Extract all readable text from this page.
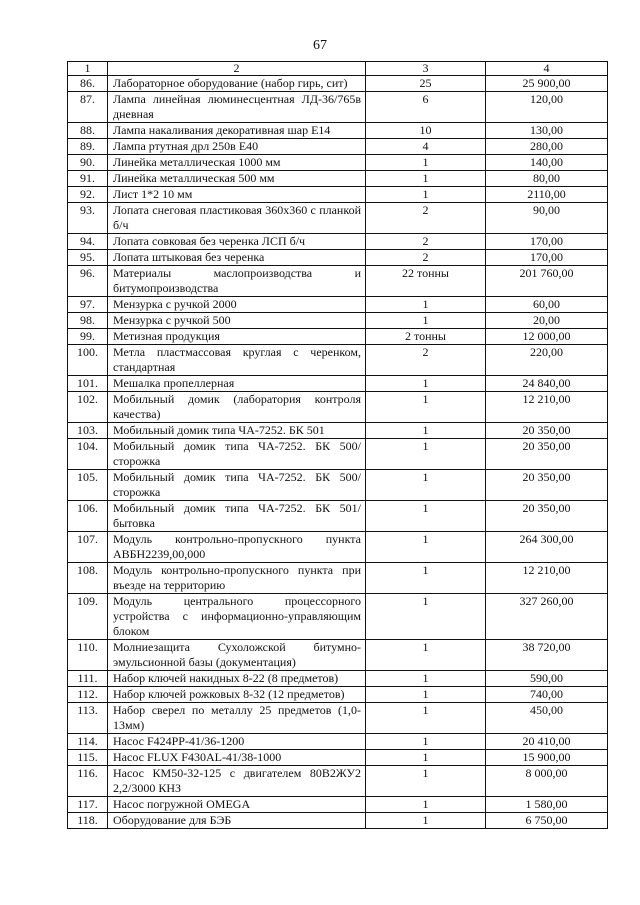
67
1	2	3	4
86.	Лабораторное оборудование (набор гирь, сит)	25	25 900,00
87.	Лампа линейная люминесцентная ЛД-36/765в дневная	6	120,00
88.	Лампа накаливания декоративная шар Е14	10	130,00
89.	Лампа ртутная дрл 250в Е40	4	280,00
90.	Линейка металлическая 1000 мм	1	140,00
91.	Линейка металлическая 500 мм	1	80,00
92.	Лист 1*2 10 мм	1	2110,00
93.	Лопата снеговая пластиковая 360х360 с планкой б/ч	2	90,00
94.	Лопата совковая без черенка ЛСП б/ч	2	170,00
95.	Лопата штыковая без черенка	2	170,00
96.	Материалы маслопроизводства и битумопроизводства	22 тонны	201 760,00
97.	Мензурка с ручкой 2000	1	60,00
98.	Мензурка с ручкой 500	1	20,00
99.	Метизная продукция	2 тонны	12 000,00
100.	Метла пластмассовая круглая с черенком, стандартная	2	220,00
101.	Мешалка пропеллерная	1	24 840,00
102.	Мобильный домик (лаборатория контроля качества)	1	12 210,00
103.	Мобильный домик типа ЧА-7252. БК 501	1	20 350,00
104.	Мобильный домик типа ЧА-7252. БК 500/сторожка	1	20 350,00
105.	Мобильный домик типа ЧА-7252. БК 500/сторожка	1	20 350,00
106.	Мобильный домик типа ЧА-7252. БК 501/бытовка	1	20 350,00
107.	Модуль контрольно-пропускного пункта АВБН2239,00,000	1	264 300,00
108.	Модуль контрольно-пропускного пункта при въезде на территорию	1	12 210,00
109.	Модуль центрального процессорного устройства с информационно-управляющим блоком	1	327 260,00
110.	Молниезащита Сухоложской битумно-эмульсионной базы (документация)	1	38 720,00
111.	Набор ключей накидных 8-22 (8 предметов)	1	590,00
112.	Набор ключей рожковых 8-32 (12 предметов)	1	740,00
113.	Набор сверел по металлу 25 предметов (1,0-13мм)	1	450,00
114.	Насос F424PP-41/36-1200	1	20 410,00
115.	Насос FLUX F430AL-41/38-1000	1	15 900,00
116.	Насос КМ50-32-125 с двигателем 80В2ЖУ2 2,2/3000 КНЗ	1	8 000,00
117.	Насос погружной OMEGA	1	1 580,00
118.	Оборудование для БЭБ	1	6 750,00
